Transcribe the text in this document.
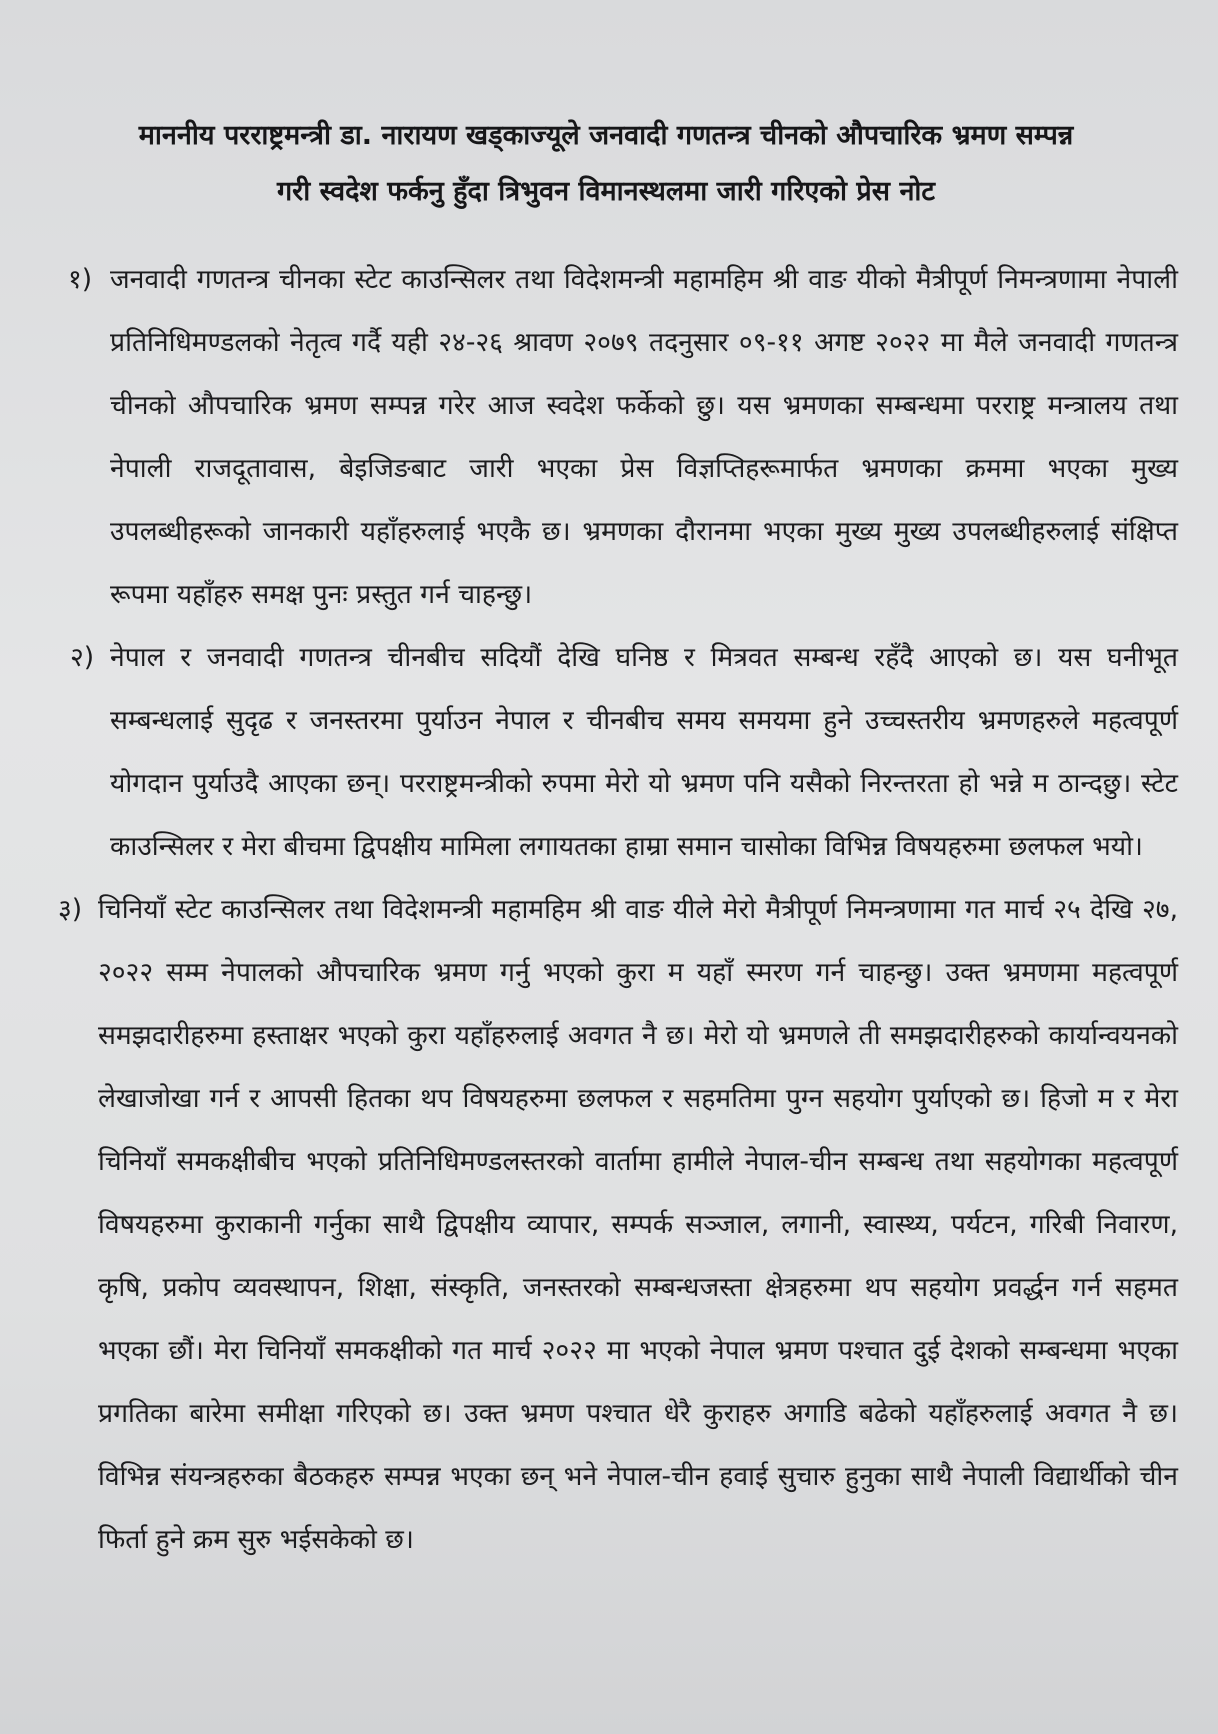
माननीय परराष्ट्रमन्त्री डा. नारायण खड्काज्यूले जनवादी गणतन्त्र चीनको औपचारिक भ्रमण सम्पन्न
गरी स्वदेश फर्कनु हुँदा त्रिभुवन विमानस्थलमा जारी गरिएको प्रेस नोट

१) जनवादी गणतन्त्र चीनका स्टेट काउन्सिलर तथा विदेशमन्त्री महामहिम श्री वाङ यीको मैत्रीपूर्ण निमन्त्रणामा नेपाली प्रतिनिधिमण्डलको नेतृत्व गर्दै यही २४-२६ श्रावण २०७९ तदनुसार ०९-११ अगष्ट २०२२ मा मैले जनवादी गणतन्त्र चीनको औपचारिक भ्रमण सम्पन्न गरेर आज स्वदेश फर्केको छु। यस भ्रमणका सम्बन्धमा परराष्ट्र मन्त्रालय तथा नेपाली राजदूतावास, बेइजिङबाट जारी भएका प्रेस विज्ञप्तिहरूमार्फत भ्रमणका क्रममा भएका मुख्य उपलब्धीहरूको जानकारी यहाँहरुलाई भएकै छ। भ्रमणका दौरानमा भएका मुख्य मुख्य उपलब्धीहरुलाई संक्षिप्त रूपमा यहाँहरु समक्ष पुनः प्रस्तुत गर्न चाहन्छु।

२) नेपाल र जनवादी गणतन्त्र चीनबीच सदियौं देखि घनिष्ठ र मित्रवत सम्बन्ध रहँदै आएको छ। यस घनीभूत सम्बन्धलाई सुदृढ र जनस्तरमा पुर्याउन नेपाल र चीनबीच समय समयमा हुने उच्चस्तरीय भ्रमणहरुले महत्वपूर्ण योगदान पुर्याउदै आएका छन्। परराष्ट्रमन्त्रीको रुपमा मेरो यो भ्रमण पनि यसैको निरन्तरता हो भन्ने म ठान्दछु। स्टेट काउन्सिलर र मेरा बीचमा द्विपक्षीय मामिला लगायतका हाम्रा समान चासोका विभिन्न विषयहरुमा छलफल भयो।

३) चिनियाँ स्टेट काउन्सिलर तथा विदेशमन्त्री महामहिम श्री वाङ यीले मेरो मैत्रीपूर्ण निमन्त्रणामा गत मार्च २५ देखि २७, २०२२ सम्म नेपालको औपचारिक भ्रमण गर्नु भएको कुरा म यहाँ स्मरण गर्न चाहन्छु। उक्त भ्रमणमा महत्वपूर्ण समझदारीहरुमा हस्ताक्षर भएको कुरा यहाँहरुलाई अवगत नै छ। मेरो यो भ्रमणले ती समझदारीहरुको कार्यान्वयनको लेखाजोखा गर्न र आपसी हितका थप विषयहरुमा छलफल र सहमतिमा पुग्न सहयोग पुर्याएको छ। हिजो म र मेरा चिनियाँ समकक्षीबीच भएको प्रतिनिधिमण्डलस्तरको वार्तामा हामीले नेपाल-चीन सम्बन्ध तथा सहयोगका महत्वपूर्ण विषयहरुमा कुराकानी गर्नुका साथै द्विपक्षीय व्यापार, सम्पर्क सञ्जाल, लगानी, स्वास्थ्य, पर्यटन, गरिबी निवारण, कृषि, प्रकोप व्यवस्थापन, शिक्षा, संस्कृति, जनस्तरको सम्बन्धजस्ता क्षेत्रहरुमा थप सहयोग प्रवर्द्धन गर्न सहमत भएका छौं। मेरा चिनियाँ समकक्षीको गत मार्च २०२२ मा भएको नेपाल भ्रमण पश्चात दुई देशको सम्बन्धमा भएका प्रगतिका बारेमा समीक्षा गरिएको छ। उक्त भ्रमण पश्चात धेरै कुराहरु अगाडि बढेको यहाँहरुलाई अवगत नै छ। विभिन्न संयन्त्रहरुका बैठकहरु सम्पन्न भएका छन् भने नेपाल-चीन हवाई सुचारु हुनुका साथै नेपाली विद्यार्थीको चीन फिर्ता हुने क्रम सुरु भईसकेको छ।
